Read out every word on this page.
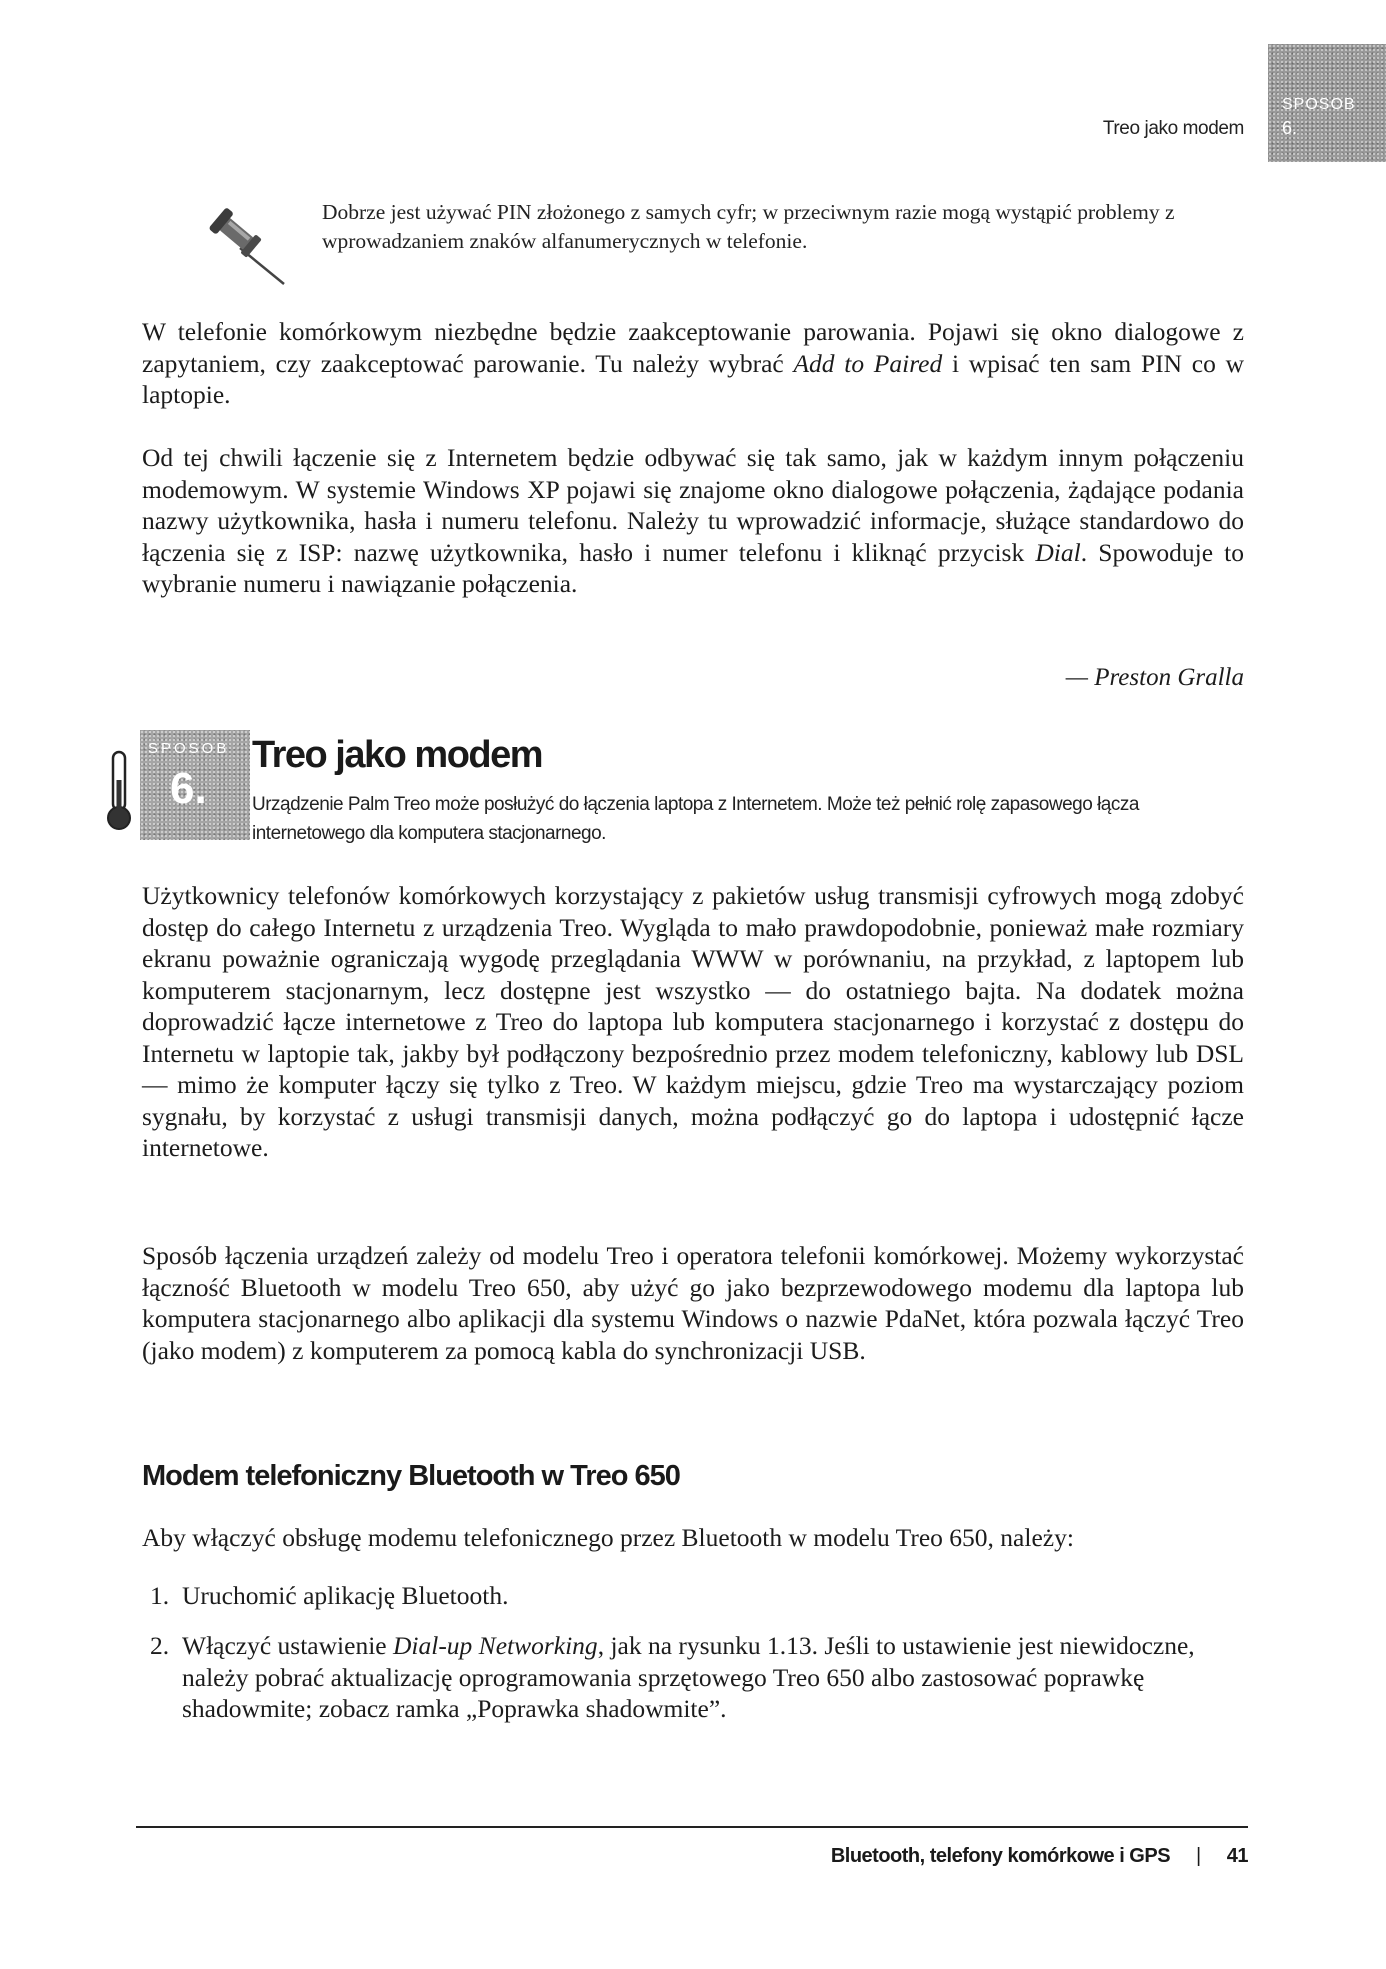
Treo jako modem
SPOSOB
6.
Dobrze jest używać PIN złożonego z samych cyfr; w przeciwnym razie mogą wystąpić problemy z wprowadzaniem znaków alfanumerycznych w telefonie.
W telefonie komórkowym niezbędne będzie zaakceptowanie parowania. Pojawi się okno dialogowe z zapytaniem, czy zaakceptować parowanie. Tu należy wybrać Add to Paired i wpisać ten sam PIN co w laptopie.
Od tej chwili łączenie się z Internetem będzie odbywać się tak samo, jak w każdym innym połączeniu modemowym. W systemie Windows XP pojawi się znajome okno dialogowe połączenia, żądające podania nazwy użytkownika, hasła i numeru telefonu. Należy tu wprowadzić informacje, służące standardowo do łączenia się z ISP: nazwę użytkownika, hasło i numer telefonu i kliknąć przycisk Dial. Spowoduje to wybranie numeru i nawiązanie połączenia.
— Preston Gralla
SPOSOB
6.
Treo jako modem
Urządzenie Palm Treo może posłużyć do łączenia laptopa z Internetem. Może też pełnić rolę zapasowego łącza internetowego dla komputera stacjonarnego.
Użytkownicy telefonów komórkowych korzystający z pakietów usług transmisji cyfrowych mogą zdobyć dostęp do całego Internetu z urządzenia Treo. Wygląda to mało prawdopodobnie, ponieważ małe rozmiary ekranu poważnie ograniczają wygodę przeglądania WWW w porównaniu, na przykład, z laptopem lub komputerem stacjonarnym, lecz dostępne jest wszystko — do ostatniego bajta. Na dodatek można doprowadzić łącze internetowe z Treo do laptopa lub komputera stacjonarnego i korzystać z dostępu do Internetu w laptopie tak, jakby był podłączony bezpośrednio przez modem telefoniczny, kablowy lub DSL — mimo że komputer łączy się tylko z Treo. W każdym miejscu, gdzie Treo ma wystarczający poziom sygnału, by korzystać z usługi transmisji danych, można podłączyć go do laptopa i udostępnić łącze internetowe.
Sposób łączenia urządzeń zależy od modelu Treo i operatora telefonii komórkowej. Możemy wykorzystać łączność Bluetooth w modelu Treo 650, aby użyć go jako bezprzewodowego modemu dla laptopa lub komputera stacjonarnego albo aplikacji dla systemu Windows o nazwie PdaNet, która pozwala łączyć Treo (jako modem) z komputerem za pomocą kabla do synchronizacji USB.
Modem telefoniczny Bluetooth w Treo 650
Aby włączyć obsługę modemu telefonicznego przez Bluetooth w modelu Treo 650, należy:
1. Uruchomić aplikację Bluetooth.
2. Włączyć ustawienie Dial-up Networking, jak na rysunku 1.13. Jeśli to ustawienie jest niewidoczne, należy pobrać aktualizację oprogramowania sprzętowego Treo 650 albo zastosować poprawkę shadowmite; zobacz ramka „Poprawka shadowmite”.
Bluetooth, telefony komórkowe i GPS | 41
